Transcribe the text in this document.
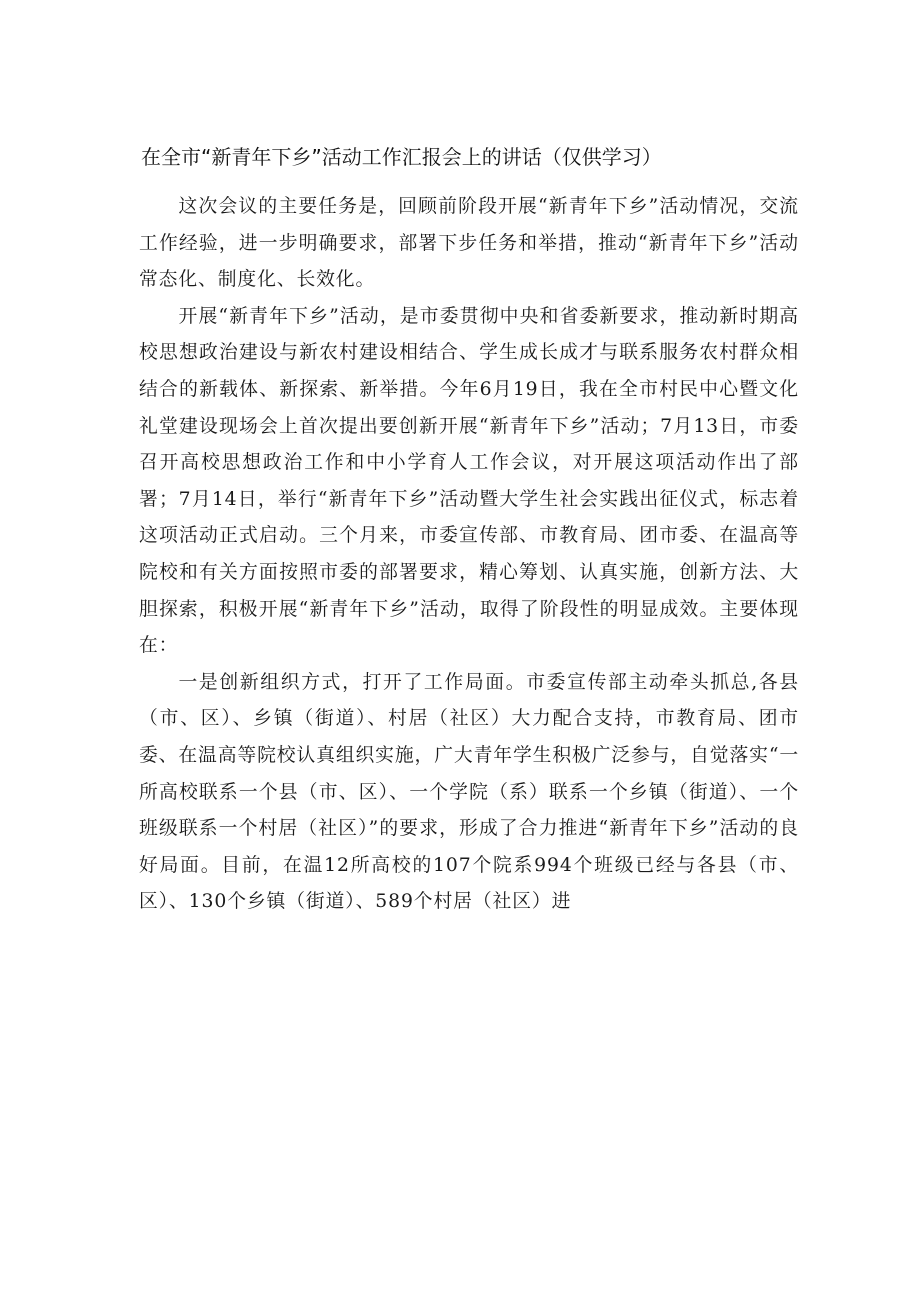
在全市“新青年下乡”活动工作汇报会上的讲话（仅供学习）

这次会议的主要任务是，回顾前阶段开展“新青年下乡”活动情况，交流工作经验，进一步明确要求，部署下步任务和举措，推动“新青年下乡”活动常态化、制度化、长效化。

开展“新青年下乡”活动，是市委贯彻中央和省委新要求，推动新时期高校思想政治建设与新农村建设相结合、学生成长成才与联系服务农村群众相结合的新载体、新探索、新举措。今年6月19日，我在全市村民中心暨文化礼堂建设现场会上首次提出要创新开展“新青年下乡”活动；7月13日，市委召开高校思想政治工作和中小学育人工作会议，对开展这项活动作出了部署；7月14日，举行“新青年下乡”活动暨大学生社会实践出征仪式，标志着这项活动正式启动。三个月来，市委宣传部、市教育局、团市委、在温高等院校和有关方面按照市委的部署要求，精心筹划、认真实施，创新方法、大胆探索，积极开展“新青年下乡”活动，取得了阶段性的明显成效。主要体现在：

一是创新组织方式，打开了工作局面。市委宣传部主动牵头抓总,各县（市、区）、乡镇（街道）、村居（社区）大力配合支持，市教育局、团市委、在温高等院校认真组织实施，广大青年学生积极广泛参与，自觉落实“一所高校联系一个县（市、区）、一个学院（系）联系一个乡镇（街道）、一个班级联系一个村居（社区）”的要求，形成了合力推进“新青年下乡”活动的良好局面。目前，在温12所高校的107个院系994个班级已经与各县（市、区）、130个乡镇（街道）、589个村居（社区）进
